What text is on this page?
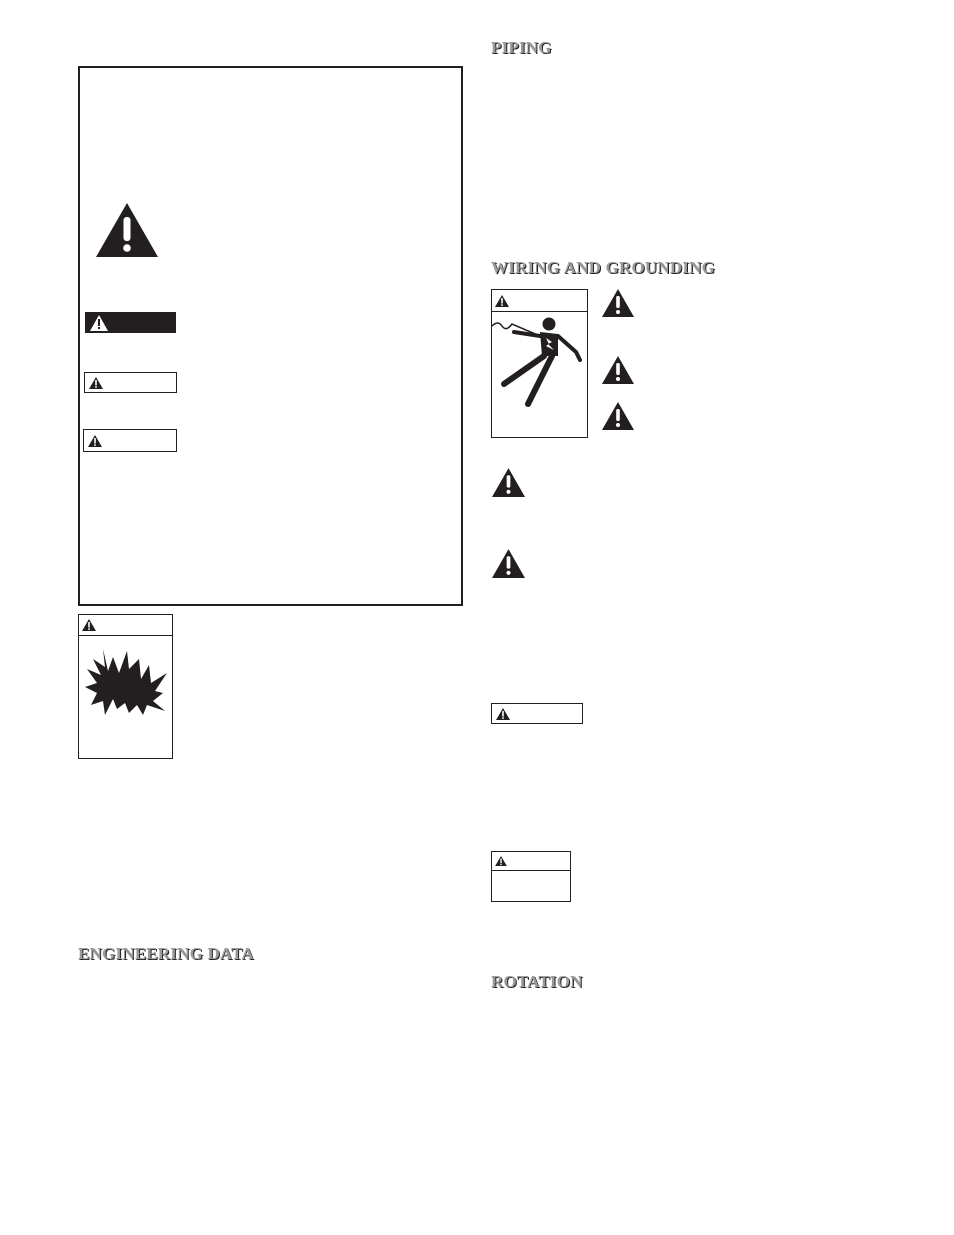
ENGINEERING DATA
PIPING
WIRING AND GROUNDING
ROTATION
